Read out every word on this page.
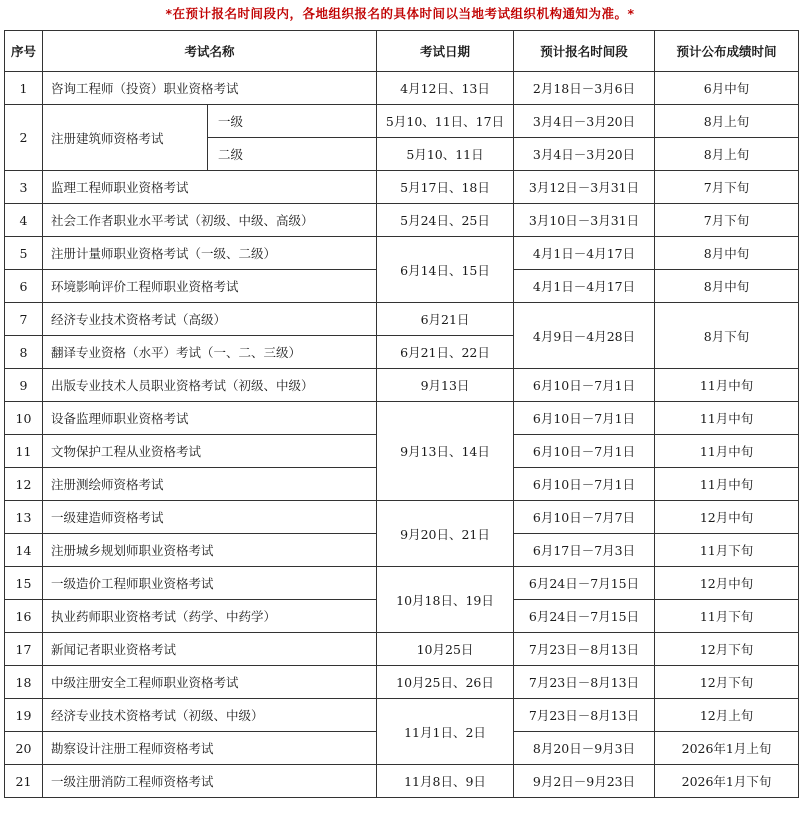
*在预计报名时间段内，各地组织报名的具体时间以当地考试组织机构通知为准。*
序号	考试名称		考试日期	预计报名时间段	预计公布成绩时间
1	咨询工程师（投资）职业资格考试		4月12日、13日	2月18日－3月6日	6月中旬
2	注册建筑师资格考试	一级	5月10、11日、17日	3月4日－3月20日	8月上旬
		二级	5月10、11日	3月4日－3月20日	8月上旬
3	监理工程师职业资格考试		5月17日、18日	3月12日－3月31日	7月下旬
4	社会工作者职业水平考试（初级、中级、高级）		5月24日、25日	3月10日－3月31日	7月下旬
5	注册计量师职业资格考试（一级、二级）		6月14日、15日	4月1日－4月17日	8月中旬
6	环境影响评价工程师职业资格考试			4月1日－4月17日	8月中旬
7	经济专业技术资格考试（高级）		6月21日	4月9日－4月28日	8月下旬
8	翻译专业资格（水平）考试（一、二、三级）		6月21日、22日		
9	出版专业技术人员职业资格考试（初级、中级）		9月13日	6月10日－7月1日	11月中旬
10	设备监理师职业资格考试		9月13日、14日	6月10日－7月1日	11月中旬
11	文物保护工程从业资格考试			6月10日－7月1日	11月中旬
12	注册测绘师资格考试			6月10日－7月1日	11月中旬
13	一级建造师资格考试		9月20日、21日	6月10日－7月7日	12月中旬
14	注册城乡规划师职业资格考试			6月17日－7月3日	11月下旬
15	一级造价工程师职业资格考试		10月18日、19日	6月24日－7月15日	12月中旬
16	执业药师职业资格考试（药学、中药学）			6月24日－7月15日	11月下旬
17	新闻记者职业资格考试		10月25日	7月23日－8月13日	12月下旬
18	中级注册安全工程师职业资格考试		10月25日、26日	7月23日－8月13日	12月下旬
19	经济专业技术资格考试（初级、中级）		11月1日、2日	7月23日－8月13日	12月上旬
20	勘察设计注册工程师资格考试			8月20日－9月3日	2026年1月上旬
21	一级注册消防工程师资格考试		11月8日、9日	9月2日－9月23日	2026年1月下旬
